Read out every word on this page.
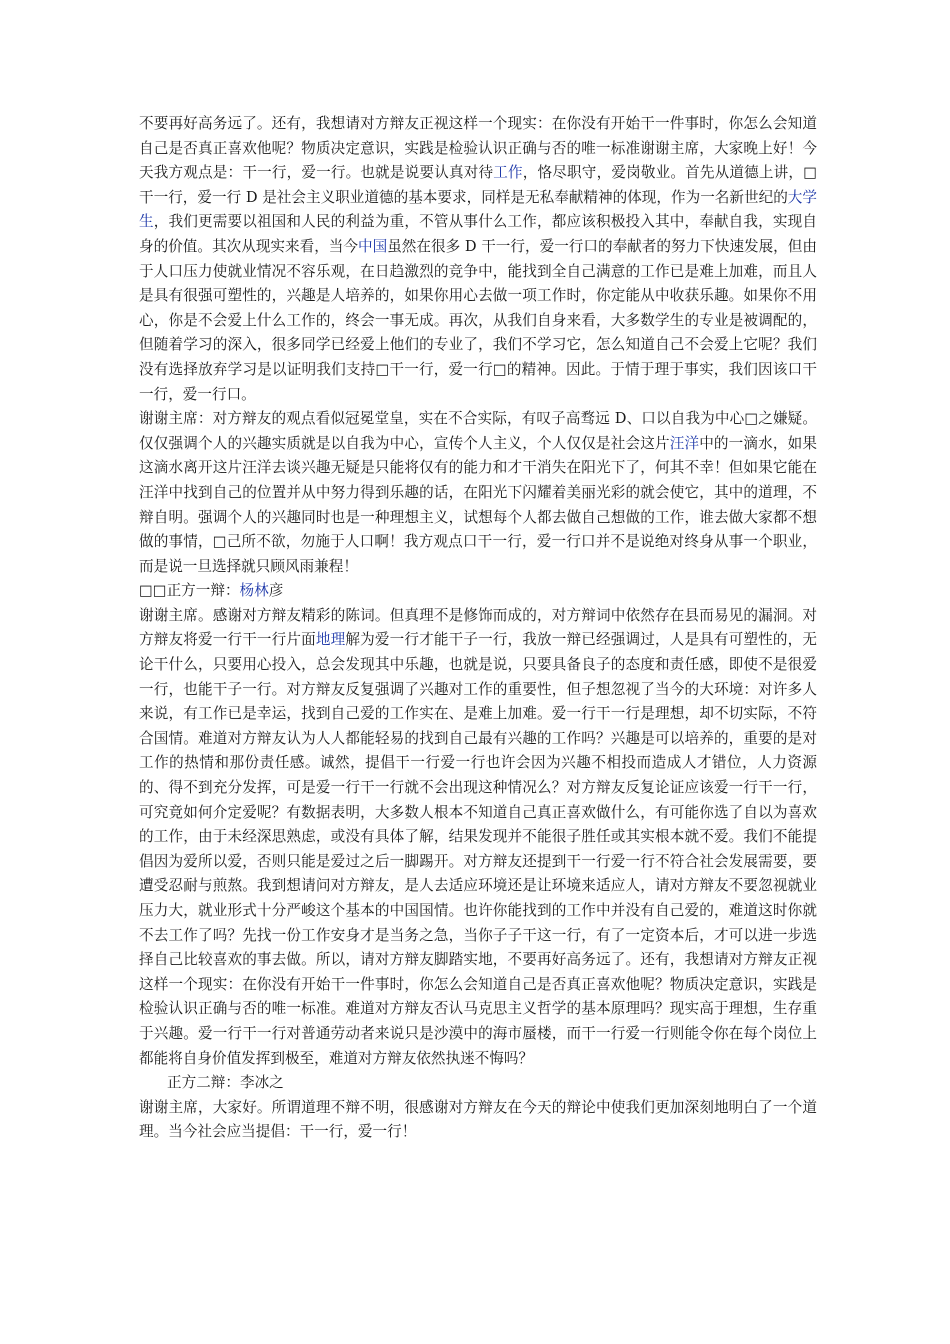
不要再好高务远了。还有，我想请对方辩友正视这样一个现实：在你没有开始干一件事时，你怎么会知道自己是否真正喜欢他呢？物质决定意识，实践是检验认识正确与否的唯一标准谢谢主席，大家晚上好！今天我方观点是：干一行，爱一行。也就是说要认真对待工作，恪尽职守，爱岗敬业。首先从道德上讲，□干一行，爱一行 D 是社会主义职业道德的基本要求，同样是无私奉献精神的体现，作为一名新世纪的大学生，我们更需要以祖国和人民的利益为重，不管从事什么工作，都应该积极投入其中，奉献自我，实现自身的价值。其次从现实来看，当今中国虽然在很多 D 干一行，爱一行口的奉献者的努力下快速发展，但由于人口压力使就业情况不容乐观，在日趋激烈的竞争中，能找到全自己满意的工作已是难上加难，而且人是具有很强可塑性的，兴趣是人培养的，如果你用心去做一项工作时，你定能从中收获乐趣。如果你不用心，你是不会爱上什么工作的，终会一事无成。再次，从我们自身来看，大多数学生的专业是被调配的，但随着学习的深入，很多同学已经爱上他们的专业了，我们不学习它，怎么知道自己不会爱上它呢？我们没有选择放弃学习是以证明我们支持□干一行，爱一行□的精神。因此。于情于理于事实，我们因该口干一行，爱一行口。

谢谢主席：对方辩友的观点看似冠冕堂皇，实在不合实际，有叹子高骛远 D、口以自我为中心□之嫌疑。仅仅强调个人的兴趣实质就是以自我为中心，宣传个人主义，个人仅仅是社会这片汪洋中的一滴水，如果这滴水离开这片汪洋去谈兴趣无疑是只能将仅有的能力和才干消失在阳光下了，何其不幸！但如果它能在汪洋中找到自己的位置并从中努力得到乐趣的话，在阳光下闪耀着美丽光彩的就会使它，其中的道理，不辩自明。强调个人的兴趣同时也是一种理想主义，试想每个人都去做自己想做的工作，谁去做大家都不想做的事情，□己所不欲，勿施于人口啊！我方观点口干一行，爱一行口并不是说绝对终身从事一个职业，而是说一旦选择就只顾风雨兼程！

□□正方一辩：杨林彦

谢谢主席。感谢对方辩友精彩的陈词。但真理不是修饰而成的，对方辩词中依然存在县而易见的漏洞。对方辩友将爱一行干一行片面地理解为爱一行才能干子一行，我放一辩已经强调过，人是具有可塑性的，无论干什么，只要用心投入，总会发现其中乐趣，也就是说，只要具备良子的态度和责任感，即使不是很爱一行，也能干子一行。对方辩友反复强调了兴趣对工作的重要性，但子想忽视了当今的大环境：对许多人来说，有工作已是幸运，找到自己爱的工作实在、是难上加难。爱一行干一行是理想，却不切实际，不符合国情。难道对方辩友认为人人都能轻易的找到自己最有兴趣的工作吗？兴趣是可以培养的，重要的是对工作的热情和那份责任感。诚然，提倡干一行爱一行也许会因为兴趣不相投而造成人才错位，人力资源的、得不到充分发挥，可是爱一行干一行就不会出现这种情况么？对方辩友反复论证应该爱一行干一行，可究竟如何介定爱呢？有数据表明，大多数人根本不知道自己真正喜欢做什么，有可能你选了自以为喜欢的工作，由于未经深思熟虑，或没有具体了解，结果发现并不能很子胜任或其实根本就不爱。我们不能提倡因为爱所以爱，否则只能是爱过之后一脚踢开。对方辩友还提到干一行爱一行不符合社会发展需要，要遭受忍耐与煎熬。我到想请问对方辩友，是人去适应环境还是让环境来适应人，请对方辩友不要忽视就业压力大，就业形式十分严峻这个基本的中国国情。也许你能找到的工作中并没有自己爱的，难道这时你就不去工作了吗？先找一份工作安身才是当务之急，当你子子干这一行，有了一定资本后，才可以进一步选择自己比较喜欢的事去做。所以，请对方辩友脚踏实地，不要再好高务远了。还有，我想请对方辩友正视这样一个现实：在你没有开始干一件事时，你怎么会知道自己是否真正喜欢他呢？物质决定意识，实践是检验认识正确与否的唯一标准。难道对方辩友否认马克思主义哲学的基本原理吗？现实高于理想，生存重于兴趣。爱一行干一行对普通劳动者来说只是沙漠中的海市蜃楼，而干一行爱一行则能令你在每个岗位上都能将自身价值发挥到极至，难道对方辩友依然执迷不悔吗？

正方二辩：李冰之

谢谢主席，大家好。所谓道理不辩不明，很感谢对方辩友在今天的辩论中使我们更加深刻地明白了一个道理。当今社会应当提倡：干一行，爱一行！
